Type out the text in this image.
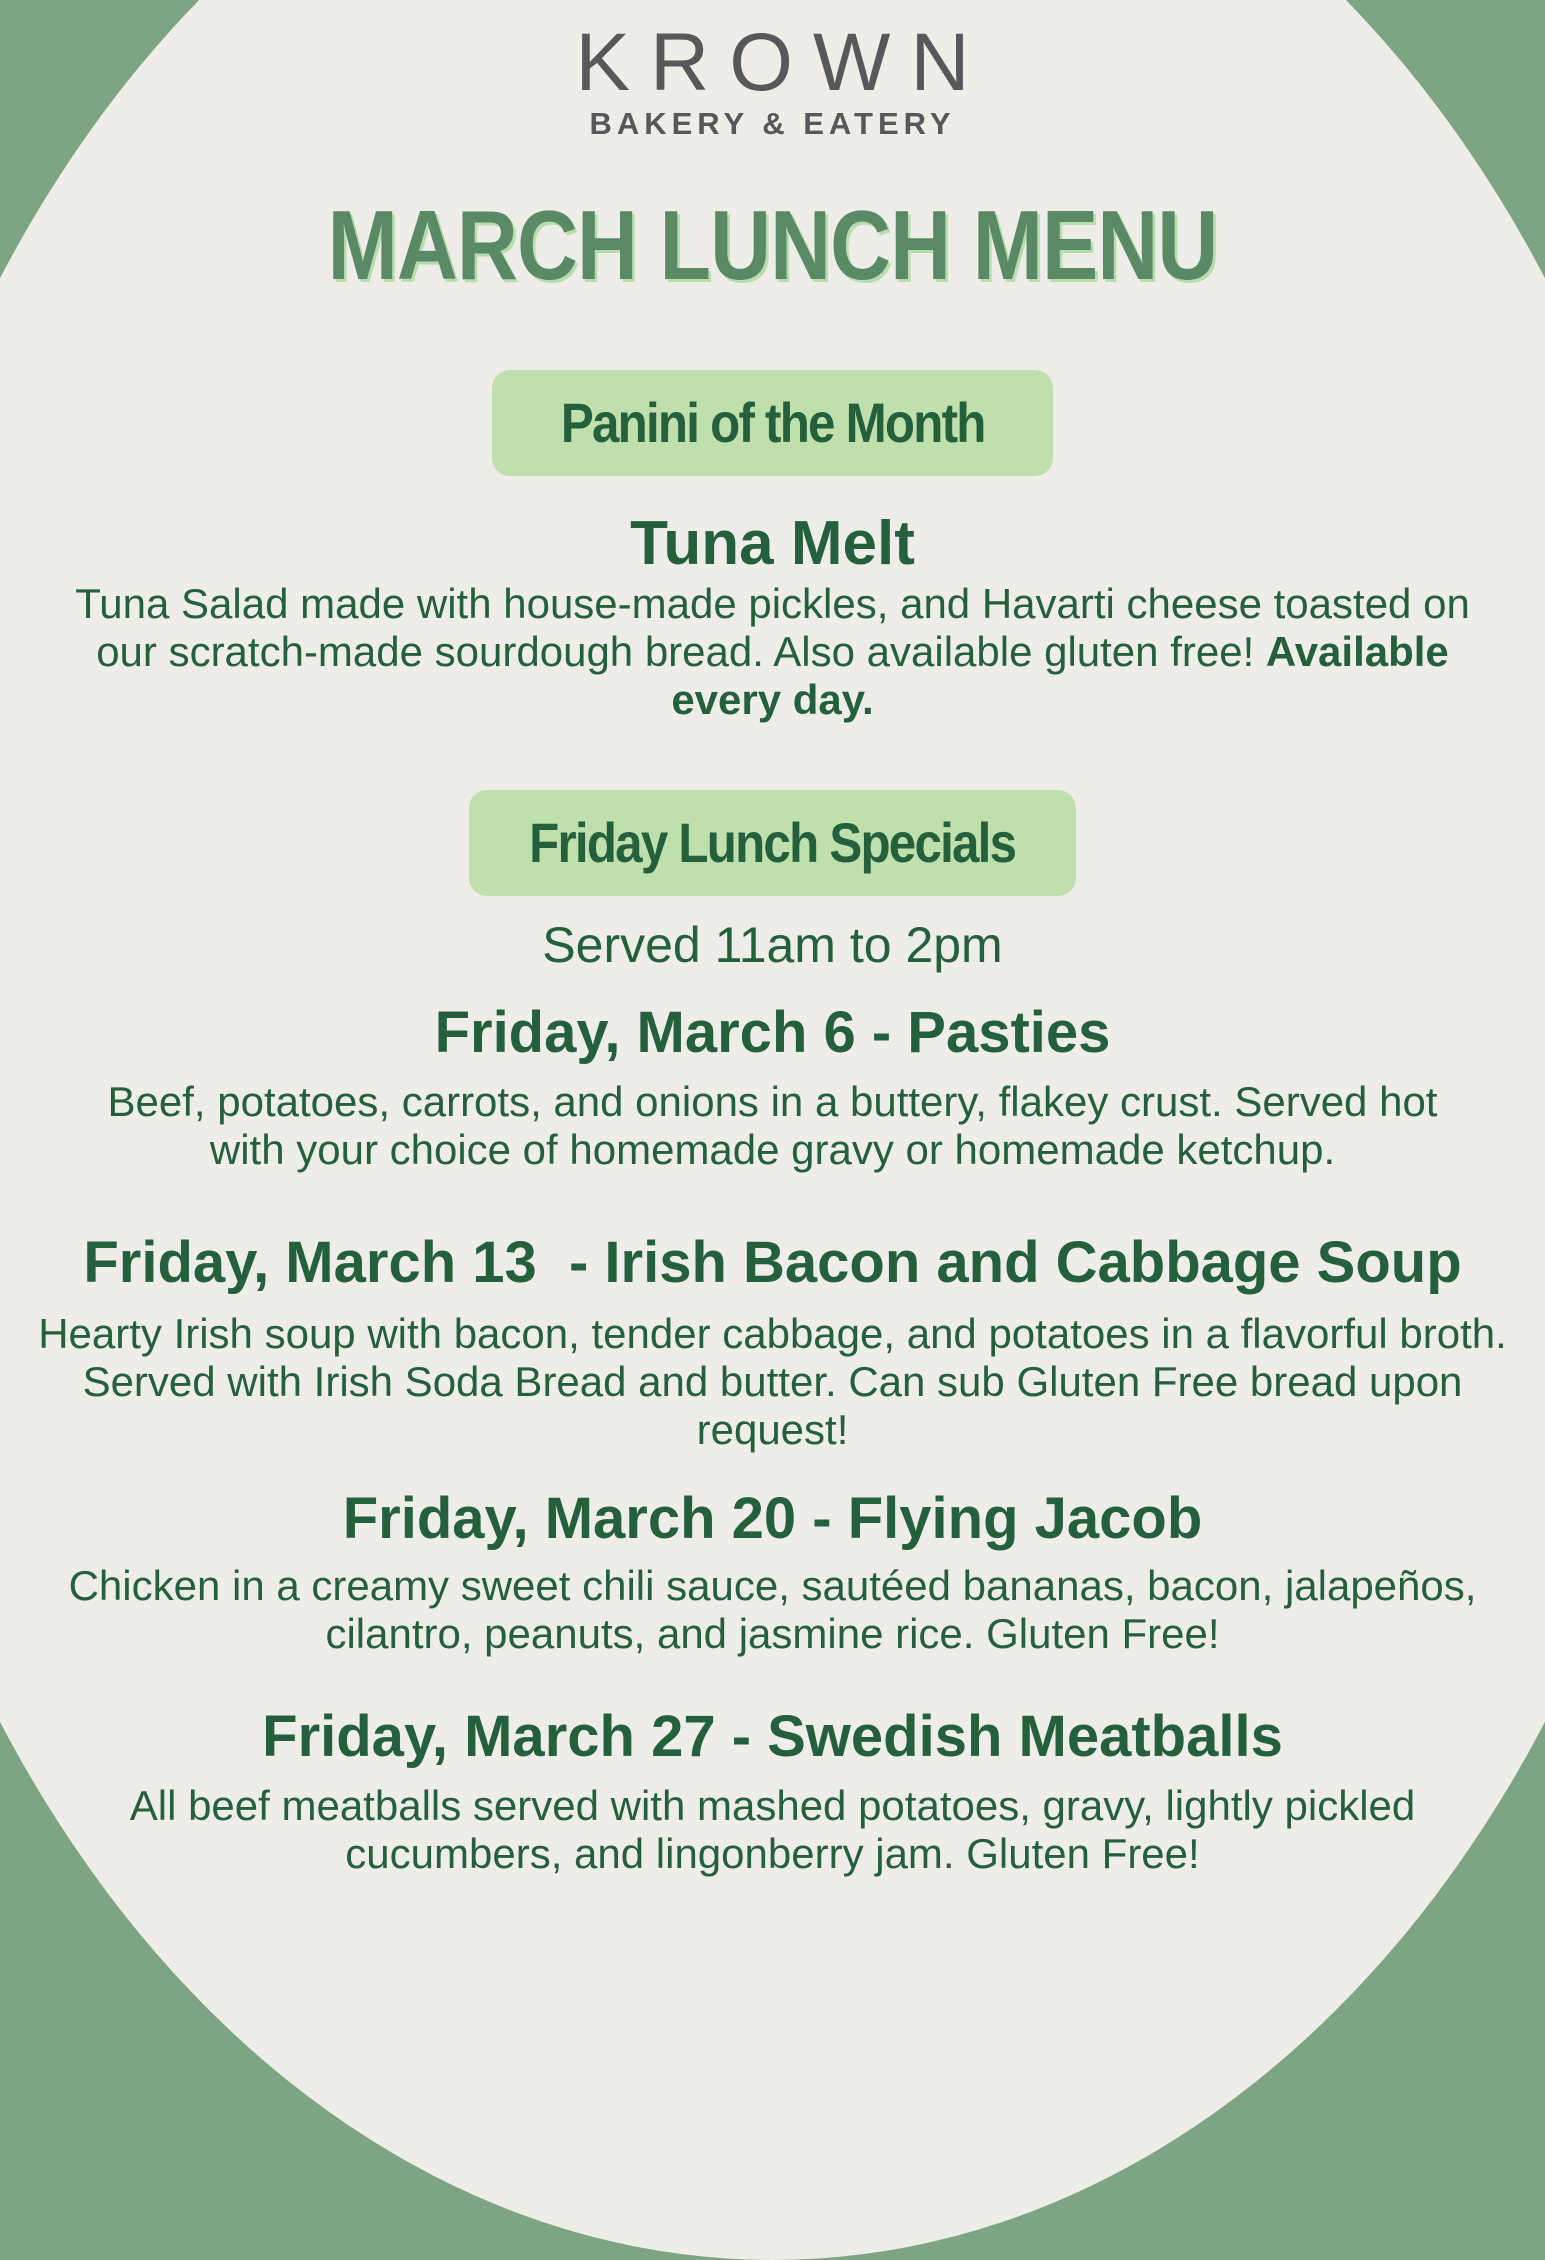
KROWN
BAKERY & EATERY
MARCH LUNCH MENU
Panini of the Month
Tuna Melt
Tuna Salad made with house-made pickles, and Havarti cheese toasted on our scratch-made sourdough bread. Also available gluten free! Available every day.
Friday Lunch Specials
Served 11am to 2pm
Friday, March 6 - Pasties
Beef, potatoes, carrots, and onions in a buttery, flakey crust. Served hot with your choice of homemade gravy or homemade ketchup.
Friday, March 13  - Irish Bacon and Cabbage Soup
Hearty Irish soup with bacon, tender cabbage, and potatoes in a flavorful broth. Served with Irish Soda Bread and butter. Can sub Gluten Free bread upon request!
Friday, March 20 - Flying Jacob
Chicken in a creamy sweet chili sauce, sautéed bananas, bacon, jalapeños, cilantro, peanuts, and jasmine rice. Gluten Free!
Friday, March 27 - Swedish Meatballs
All beef meatballs served with mashed potatoes, gravy, lightly pickled cucumbers, and lingonberry jam. Gluten Free!
